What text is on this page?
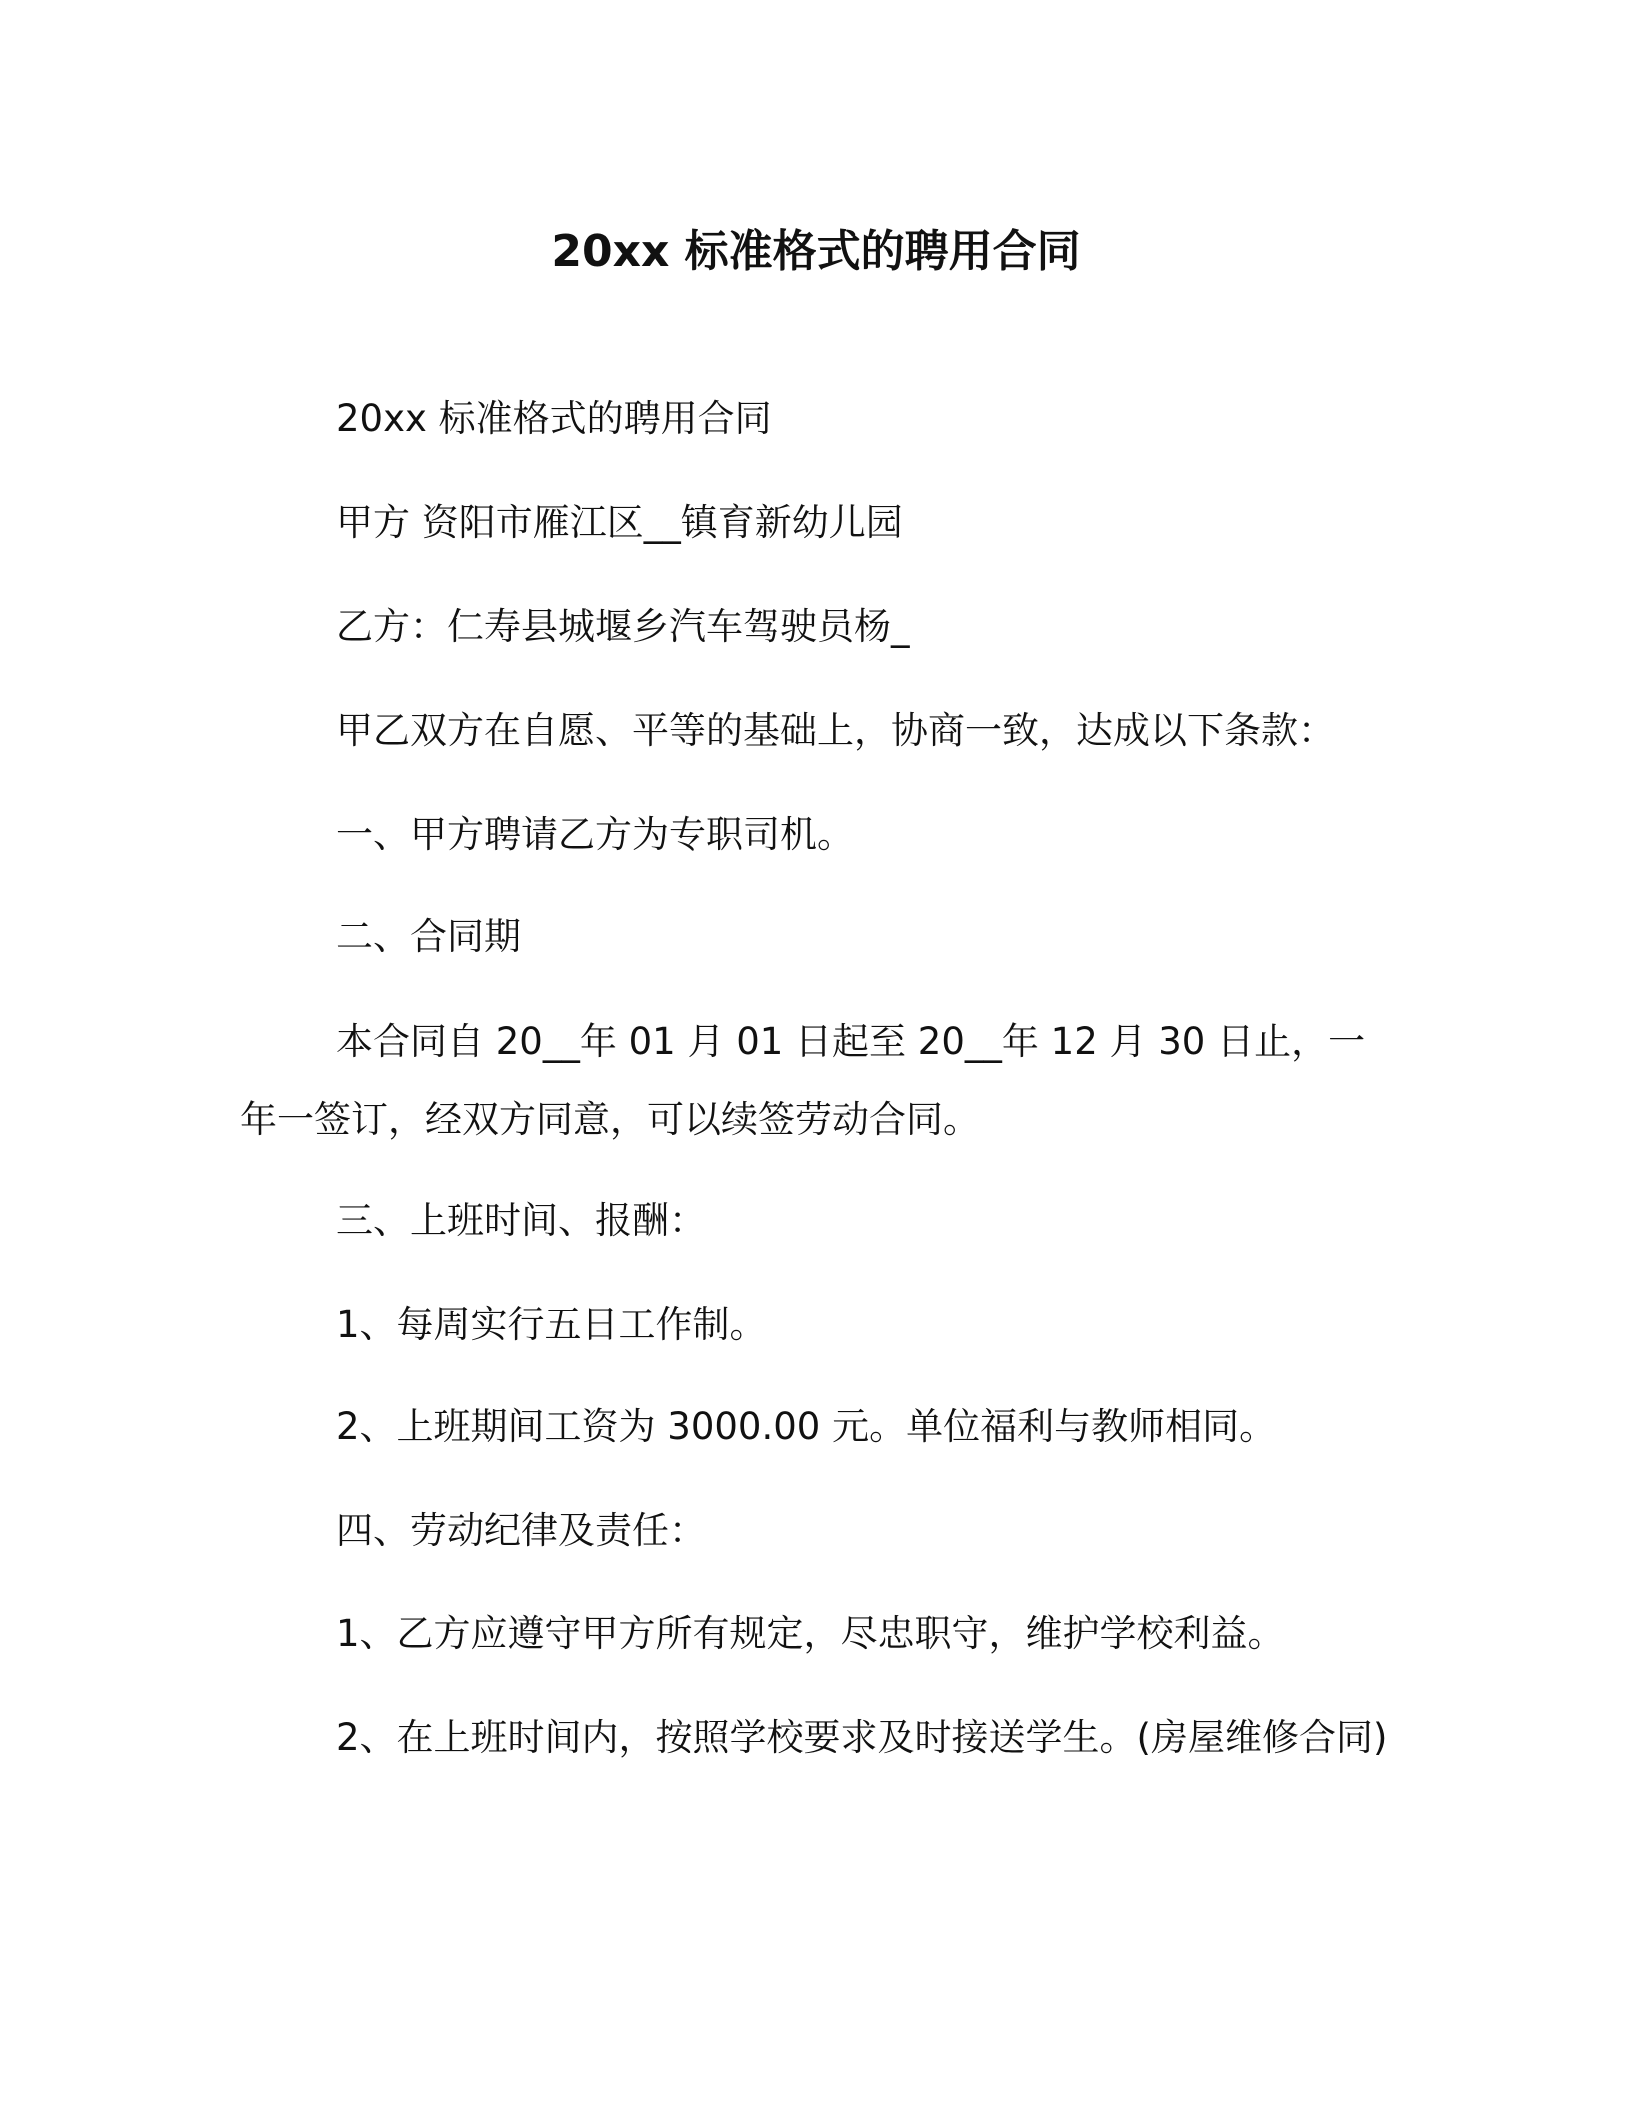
20xx 标准格式的聘用合同

20xx 标准格式的聘用合同

甲方 资阳市雁江区__镇育新幼儿园

乙方：仁寿县城堰乡汽车驾驶员杨_

甲乙双方在自愿、平等的基础上，协商一致，达成以下条款：

一、甲方聘请乙方为专职司机。

二、合同期

本合同自 20__年 01 月 01 日起至 20__年 12 月 30 日止，一年一签订，经双方同意，可以续签劳动合同。

三、上班时间、报酬：

1、每周实行五日工作制。

2、上班期间工资为 3000.00 元。单位福利与教师相同。

四、劳动纪律及责任：

1、乙方应遵守甲方所有规定，尽忠职守，维护学校利益。

2、在上班时间内，按照学校要求及时接送学生。(房屋维修合同)
